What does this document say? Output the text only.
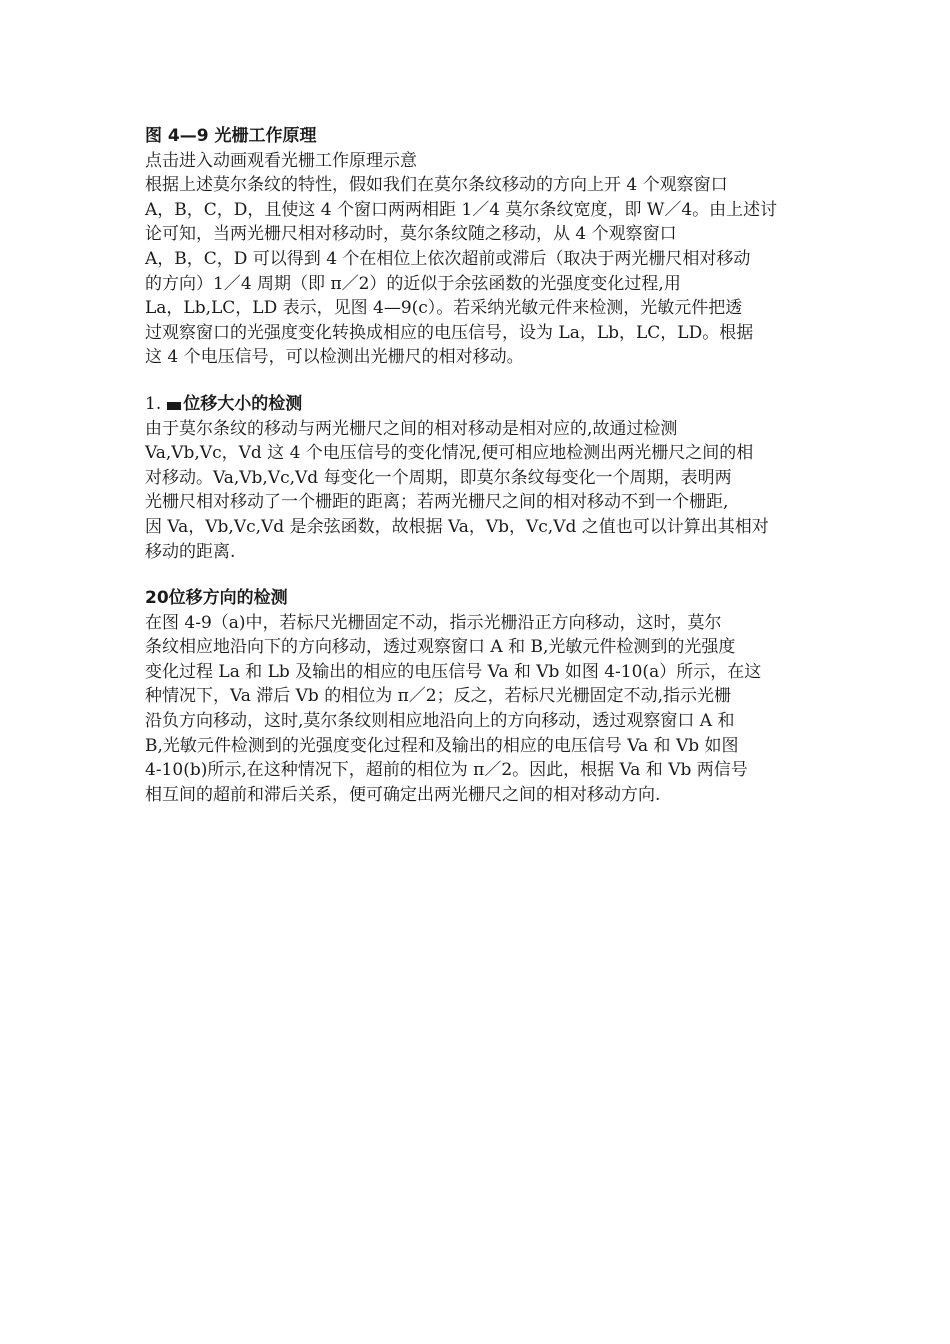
图 4—9 光栅工作原理
点击进入动画观看光栅工作原理示意
根据上述莫尔条纹的特性，假如我们在莫尔条纹移动的方向上开 4 个观察窗口
A，B，C，D，且使这 4 个窗口两两相距 1／4 莫尔条纹宽度，即 W／4。由上述讨
论可知，当两光栅尺相对移动时，莫尔条纹随之移动，从 4 个观察窗口
A，B，C，D 可以得到 4 个在相位上依次超前或滞后（取决于两光栅尺相对移动
的方向）1／4 周期（即 π／2）的近似于余弦函数的光强度变化过程,用
La，Lb,LC，LD 表示，见图 4—9(c）。若采纳光敏元件来检测，光敏元件把透
过观察窗口的光强度变化转换成相应的电压信号，设为 La，Lb，LC，LD。根据
这 4 个电压信号，可以检测出光栅尺的相对移动。
1. 位移大小的检测
由于莫尔条纹的移动与两光栅尺之间的相对移动是相对应的,故通过检测
Va,Vb,Vc，Vd 这 4 个电压信号的变化情况,便可相应地检测出两光栅尺之间的相
对移动。Va,Vb,Vc,Vd 每变化一个周期，即莫尔条纹每变化一个周期，表明两
光栅尺相对移动了一个栅距的距离；若两光栅尺之间的相对移动不到一个栅距,
因 Va，Vb,Vc,Vd 是余弦函数，故根据 Va，Vb，Vc,Vd 之值也可以计算出其相对
移动的距离.
20位移方向的检测
在图 4-9（a)中，若标尺光栅固定不动，指示光栅沿正方向移动，这时，莫尔
条纹相应地沿向下的方向移动，透过观察窗口 A 和 B,光敏元件检测到的光强度
变化过程 La 和 Lb 及输出的相应的电压信号 Va 和 Vb 如图 4-10(a）所示，在这
种情况下，Va 滞后 Vb 的相位为 π／2；反之，若标尺光栅固定不动,指示光栅
沿负方向移动，这时,莫尔条纹则相应地沿向上的方向移动，透过观察窗口 A 和
B,光敏元件检测到的光强度变化过程和及输出的相应的电压信号 Va 和 Vb 如图
4-10(b)所示,在这种情况下，超前的相位为 π／2。因此，根据 Va 和 Vb 两信号
相互间的超前和滞后关系，便可确定出两光栅尺之间的相对移动方向.
